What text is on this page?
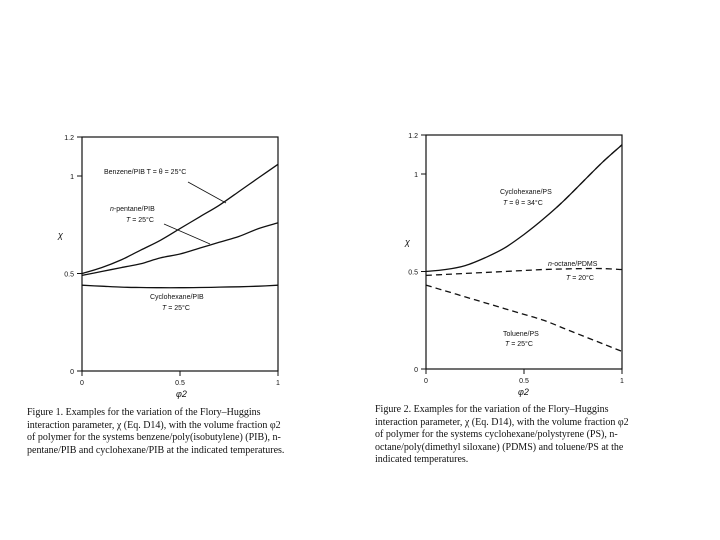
0
0.5
1
1.2
0	0.5	1
χ
φ2
Benzene/PIB T = θ = 25°C
n-pentane/PIB
T = 25°C
Cyclohexane/PIB
T = 25°C
0
0.5
1
1.2
0	0.5	1
χ
φ2
Cyclohexane/PS
T = θ = 34°C
n-octane/PDMS
T = 20°C
Toluene/PS
T = 25°C
Figure 1. Examples for the variation of the Flory–Huggins
interaction parameter, χ (Eq. D14), with the volume fraction φ2
of polymer for the systems benzene/poly(isobutylene) (PIB), n-
pentane/PIB and cyclohexane/PIB at the indicated temperatures.
Figure 2. Examples for the variation of the Flory–Huggins
interaction parameter, χ (Eq. D14), with the volume fraction φ2
of polymer for the systems cyclohexane/polystyrene (PS), n-
octane/poly(dimethyl siloxane) (PDMS) and toluene/PS at the
indicated temperatures.
